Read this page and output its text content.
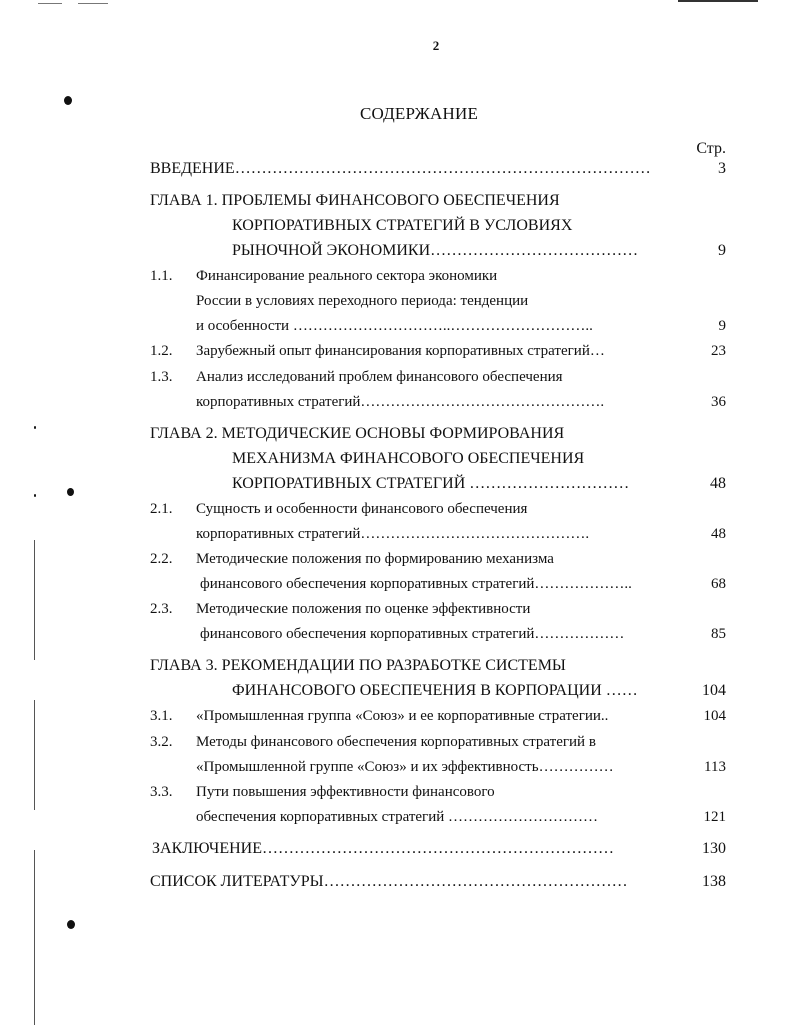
2
СОДЕРЖАНИЕ
Стр.
ВВЕДЕНИЕ……………………………………………………………………	3
ГЛАВА 1. ПРОБЛЕМЫ ФИНАНСОВОГО ОБЕСПЕЧЕНИЯ
КОРПОРАТИВНЫХ СТРАТЕГИЙ В УСЛОВИЯХ
РЫНОЧНОЙ ЭКОНОМИКИ…………………………………	9
1.1. Финансирование реального сектора экономики
России в условиях переходного периода: тенденции
и особенности …………………………..………………………..	9
1.2. Зарубежный опыт финансирования корпоративных стратегий…	23
1.3. Анализ исследований проблем финансового обеспечения
корпоративных стратегий………………………………………….	36
ГЛАВА 2. МЕТОДИЧЕСКИЕ ОСНОВЫ ФОРМИРОВАНИЯ
МЕХАНИЗМА ФИНАНСОВОГО ОБЕСПЕЧЕНИЯ
КОРПОРАТИВНЫХ СТРАТЕГИЙ …………………………	48
2.1. Сущность и особенности финансового обеспечения
корпоративных стратегий……………………………………….	48
2.2. Методические положения по формированию механизма
финансового обеспечения корпоративных стратегий………………..	68
2.3. Методические положения по оценке эффективности
финансового обеспечения корпоративных стратегий………………	85
ГЛАВА 3. РЕКОМЕНДАЦИИ ПО РАЗРАБОТКЕ СИСТЕМЫ
ФИНАНСОВОГО ОБЕСПЕЧЕНИЯ В КОРПОРАЦИИ ……	104
3.1. «Промышленная группа «Союз» и ее корпоративные стратегии..	104
3.2. Методы финансового обеспечения корпоративных стратегий в
«Промышленной группе «Союз» и их эффективность……………	113
3.3. Пути повышения эффективности финансового
обеспечения корпоративных стратегий …………………………	121
ЗАКЛЮЧЕНИЕ…………………………………………………………	130
СПИСОК ЛИТЕРАТУРЫ…………………………………………………	138
